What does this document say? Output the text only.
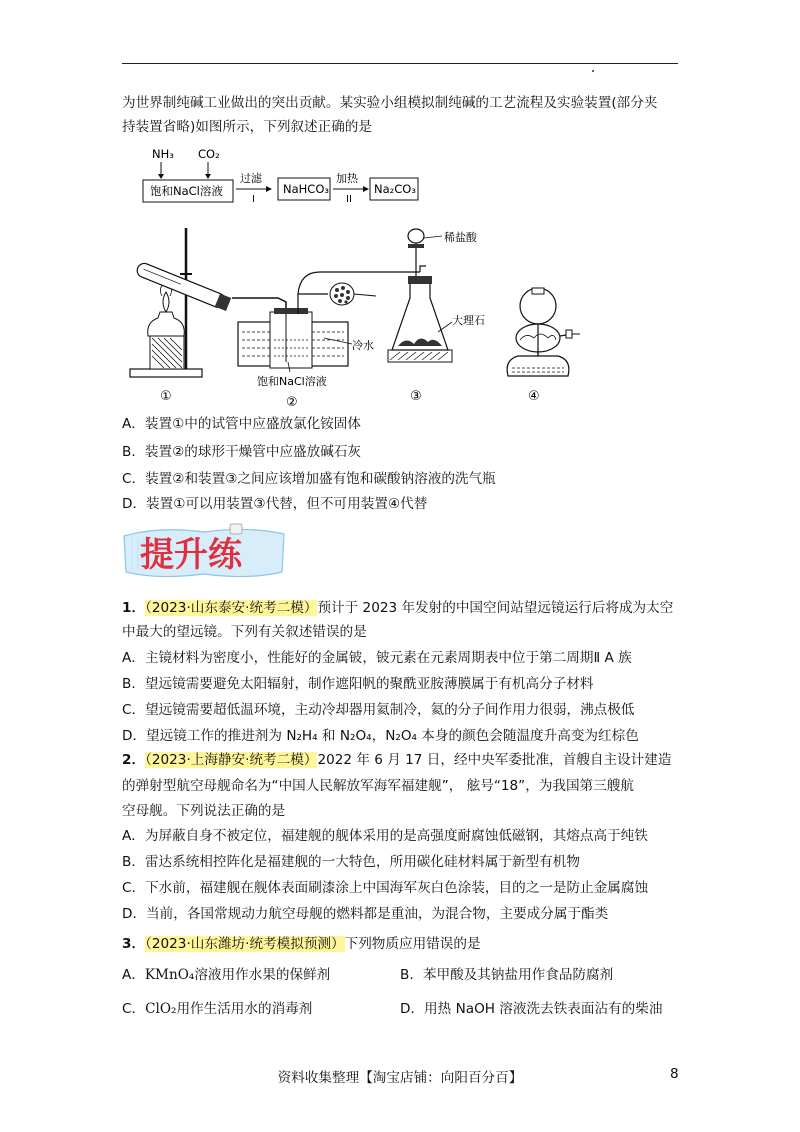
为世界制纯碱工业做出的突出贡献。某实验小组模拟制纯碱的工艺流程及实验装置(部分夹
持装置省略)如图所示，下列叙述正确的是
NH₃ CO₂
饱和NaCl溶液
过滤
I
NaHCO₃
加热
II
Na₂CO₃
①
冷水
饱和NaCl溶液
②
稀盐酸
大理石
③	④
A．装置①中的试管中应盛放氯化铵固体
B．装置②的球形干燥管中应盛放碱石灰
C．装置②和装置③之间应该增加盛有饱和碳酸钠溶液的洗气瓶
D．装置①可以用装置③代替，但不可用装置④代替
提升练
1．（2023·山东泰安·统考二模）预计于 2023 年发射的中国空间站望远镜运行后将成为太空
中最大的望远镜。下列有关叙述错误的是
A．主镜材料为密度小，性能好的金属铍，铍元素在元素周期表中位于第二周期Ⅱ A 族
B．望远镜需要避免太阳辐射，制作遮阳帆的聚酰亚胺薄膜属于有机高分子材料
C．望远镜需要超低温环境，主动冷却器用氦制冷，氦的分子间作用力很弱，沸点极低
D．望远镜工作的推进剂为 N₂H₄ 和 N₂O₄，N₂O₄ 本身的颜色会随温度升高变为红棕色
2．（2023·上海静安·统考二模）2022 年 6 月 17 日，经中央军委批准，首艘自主设计建造
的弹射型航空母舰命名为“中国人民解放军海军福建舰”， 舷号“18”，为我国第三艘航
空母舰。下列说法正确的是
A．为屏蔽自身不被定位，福建舰的舰体采用的是高强度耐腐蚀低磁钢，其熔点高于纯铁
B．雷达系统相控阵化是福建舰的一大特色，所用碳化硅材料属于新型有机物
C．下水前，福建舰在舰体表面刷漆涂上中国海军灰白色涂装，目的之一是防止金属腐蚀
D．当前，各国常规动力航空母舰的燃料都是重油，为混合物，主要成分属于酯类
3．（2023·山东潍坊·统考模拟预测）下列物质应用错误的是
A．KMnO₄溶液用作水果的保鲜剂	B．苯甲酸及其钠盐用作食品防腐剂
C．ClO₂用作生活用水的消毒剂	D．用热 NaOH 溶液洗去铁表面沾有的柴油
资料收集整理【淘宝店铺：向阳百分百】	8
